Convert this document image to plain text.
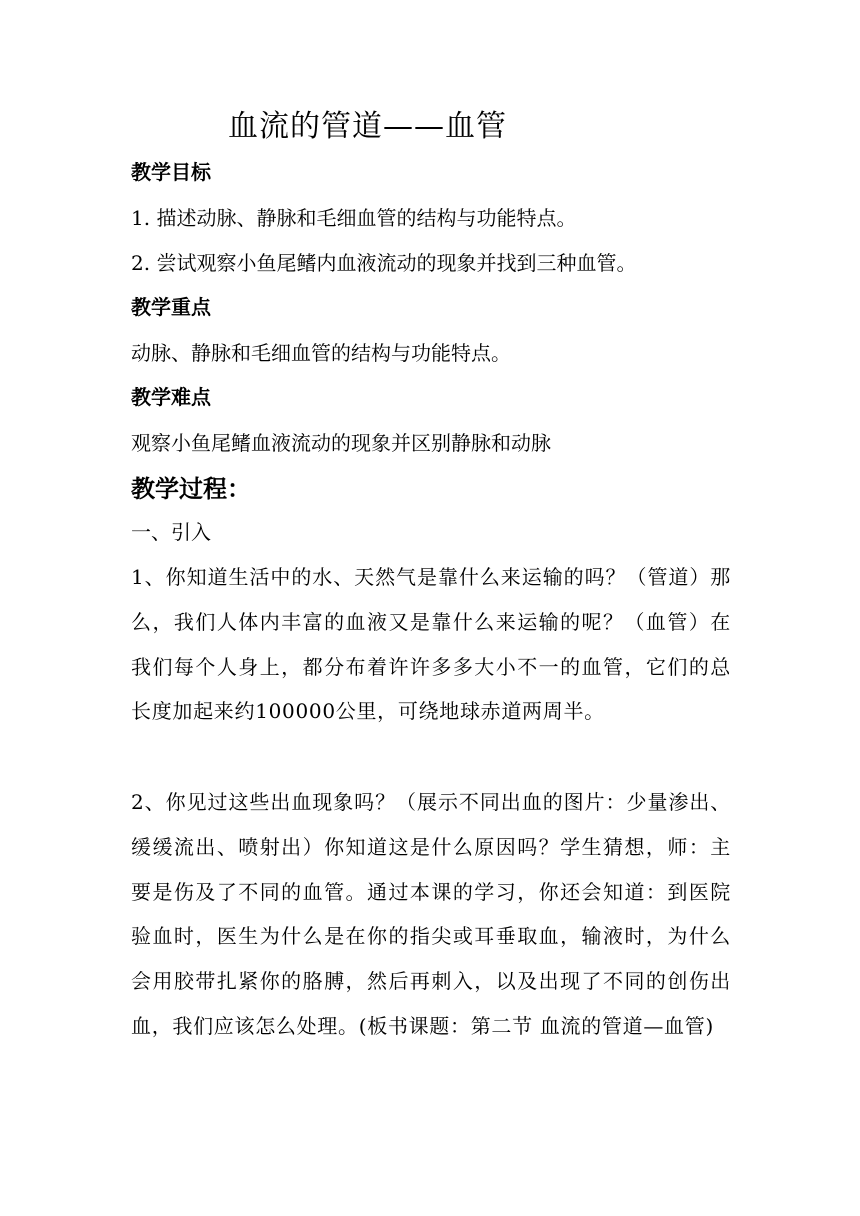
血流的管道——血管
教学目标
1. 描述动脉、静脉和毛细血管的结构与功能特点。
2. 尝试观察小鱼尾鳍内血液流动的现象并找到三种血管。
教学重点
动脉、静脉和毛细血管的结构与功能特点。
教学难点
观察小鱼尾鳍血液流动的现象并区别静脉和动脉
教学过程：
一、引入
1、你知道生活中的水、天然气是靠什么来运输的吗？（管道）那么，我们人体内丰富的血液又是靠什么来运输的呢？（血管）在我们每个人身上，都分布着许许多多大小不一的血管，它们的总长度加起来约100000公里，可绕地球赤道两周半。
2、你见过这些出血现象吗？（展示不同出血的图片：少量渗出、缓缓流出、喷射出）你知道这是什么原因吗？学生猜想，师：主要是伤及了不同的血管。通过本课的学习，你还会知道：到医院验血时，医生为什么是在你的指尖或耳垂取血，输液时，为什么会用胶带扎紧你的胳膊，然后再刺入，以及出现了不同的创伤出血，我们应该怎么处理。(板书课题：第二节 血流的管道—血管)
